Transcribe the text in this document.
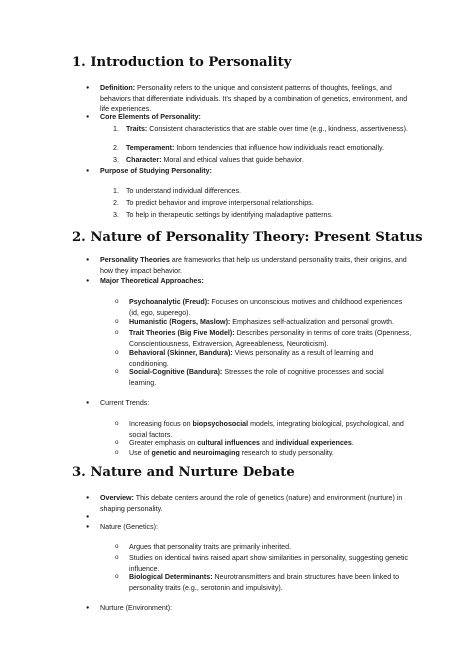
1. Introduction to Personality
● Definition: Personality refers to the unique and consistent patterns of thoughts, feelings, and behaviors that differentiate individuals. It's shaped by a combination of genetics, environment, and life experiences.
● Core Elements of Personality:
1. Traits: Consistent characteristics that are stable over time (e.g., kindness, assertiveness).
2. Temperament: Inborn tendencies that influence how individuals react emotionally.
3. Character: Moral and ethical values that guide behavior.
● Purpose of Studying Personality:
1. To understand individual differences.
2. To predict behavior and improve interpersonal relationships.
3. To help in therapeutic settings by identifying maladaptive patterns.
2. Nature of Personality Theory: Present Status
● Personality Theories are frameworks that help us understand personality traits, their origins, and how they impact behavior.
● Major Theoretical Approaches:
o Psychoanalytic (Freud): Focuses on unconscious motives and childhood experiences (id, ego, superego).
o Humanistic (Rogers, Maslow): Emphasizes self-actualization and personal growth.
o Trait Theories (Big Five Model): Describes personality in terms of core traits (Openness, Conscientiousness, Extraversion, Agreeableness, Neuroticism).
o Behavioral (Skinner, Bandura): Views personality as a result of learning and conditioning.
o Social-Cognitive (Bandura): Stresses the role of cognitive processes and social learning.
● Current Trends:
o Increasing focus on biopsychosocial models, integrating biological, psychological, and social factors.
o Greater emphasis on cultural influences and individual experiences.
o Use of genetic and neuroimaging research to study personality.
3. Nature and Nurture Debate
● Overview: This debate centers around the role of genetics (nature) and environment (nurture) in shaping personality.
●
● Nature (Genetics):
o Argues that personality traits are primarily inherited.
o Studies on identical twins raised apart show similarities in personality, suggesting genetic influence.
o Biological Determinants: Neurotransmitters and brain structures have been linked to personality traits (e.g., serotonin and impulsivity).
● Nurture (Environment):
